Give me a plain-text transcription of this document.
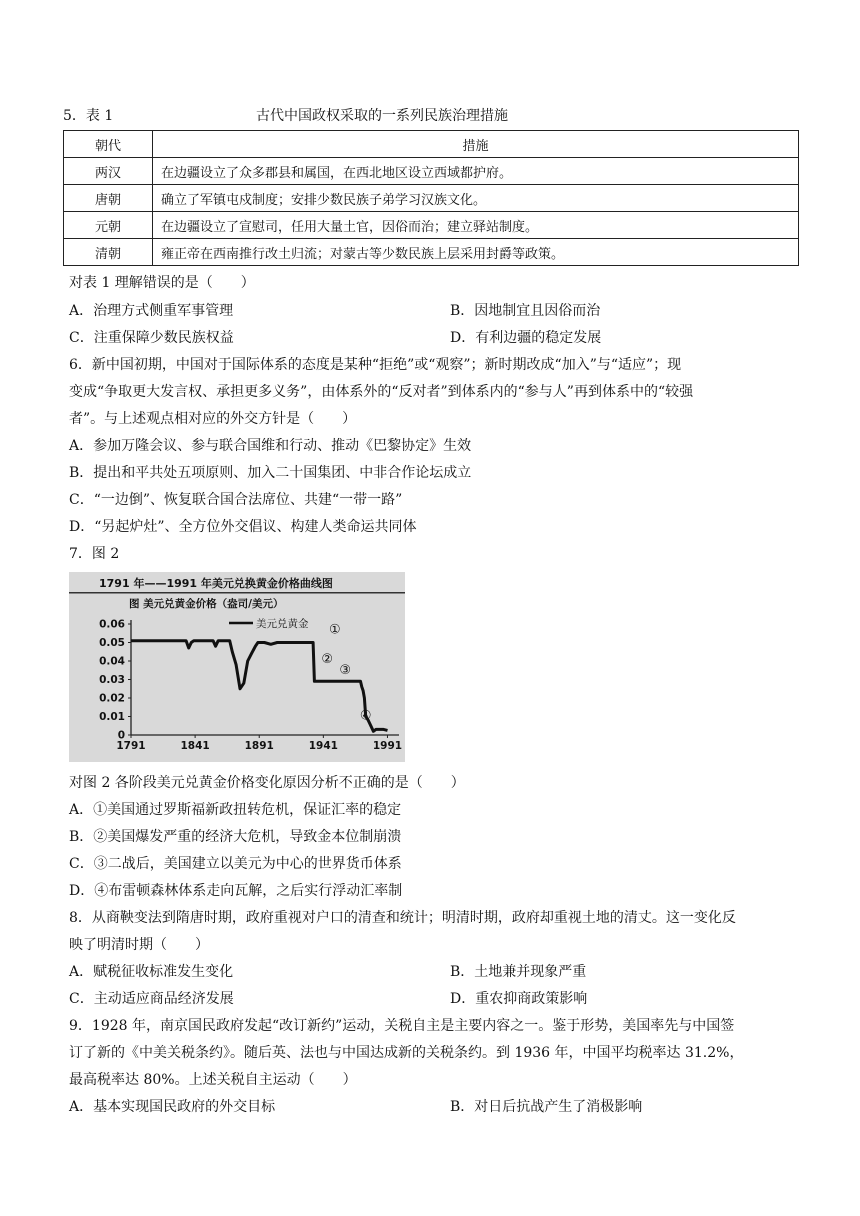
5．表 1	古代中国政权采取的一系列民族治理措施
朝代	措施
两汉	在边疆设立了众多郡县和属国，在西北地区设立西域都护府。
唐朝	确立了军镇屯戍制度；安排少数民族子弟学习汉族文化。
元朝	在边疆设立了宣慰司，任用大量土官，因俗而治；建立驿站制度。
清朝	雍正帝在西南推行改土归流；对蒙古等少数民族上层采用封爵等政策。
对表 1 理解错误的是（　　）
A．治理方式侧重军事管理	B．因地制宜且因俗而治
C．注重保障少数民族权益	D．有利边疆的稳定发展
6．新中国初期，中国对于国际体系的态度是某种“拒绝”或“观察”；新时期改成“加入”与“适应”；现
变成“争取更大发言权、承担更多义务”，由体系外的“反对者”到体系内的“参与人”再到体系中的“较强
者”。与上述观点相对应的外交方针是（　　）
A．参加万隆会议、参与联合国维和行动、推动《巴黎协定》生效
B．提出和平共处五项原则、加入二十国集团、中非合作论坛成立
C．“一边倒”、恢复联合国合法席位、共建“一带一路”
D．“另起炉灶”、全方位外交倡议、构建人类命运共同体
7．图 2
1791 年——1991 年美元兑换黄金价格曲线图
图 美元兑黄金价格（盎司/美元）
0
0.01
0.02
0.03
0.04
0.05
0.06
1791	1841	1891	1941	1991
美元兑黄金 ①
②
③
④
对图 2 各阶段美元兑黄金价格变化原因分析不正确的是（　　）
A．①美国通过罗斯福新政扭转危机，保证汇率的稳定
B．②美国爆发严重的经济大危机，导致金本位制崩溃
C．③二战后，美国建立以美元为中心的世界货币体系
D．④布雷顿森林体系走向瓦解，之后实行浮动汇率制
8．从商鞅变法到隋唐时期，政府重视对户口的清查和统计；明清时期，政府却重视土地的清丈。这一变化反
映了明清时期（　　）
A．赋税征收标准发生变化	B．土地兼并现象严重
C．主动适应商品经济发展	D．重农抑商政策影响
9．1928 年，南京国民政府发起“改订新约”运动，关税自主是主要内容之一。鉴于形势，美国率先与中国签
订了新的《中美关税条约》。随后英、法也与中国达成新的关税条约。到 1936 年，中国平均税率达 31.2%，
最高税率达 80%。上述关税自主运动（　　）
A．基本实现国民政府的外交目标	B．对日后抗战产生了消极影响
